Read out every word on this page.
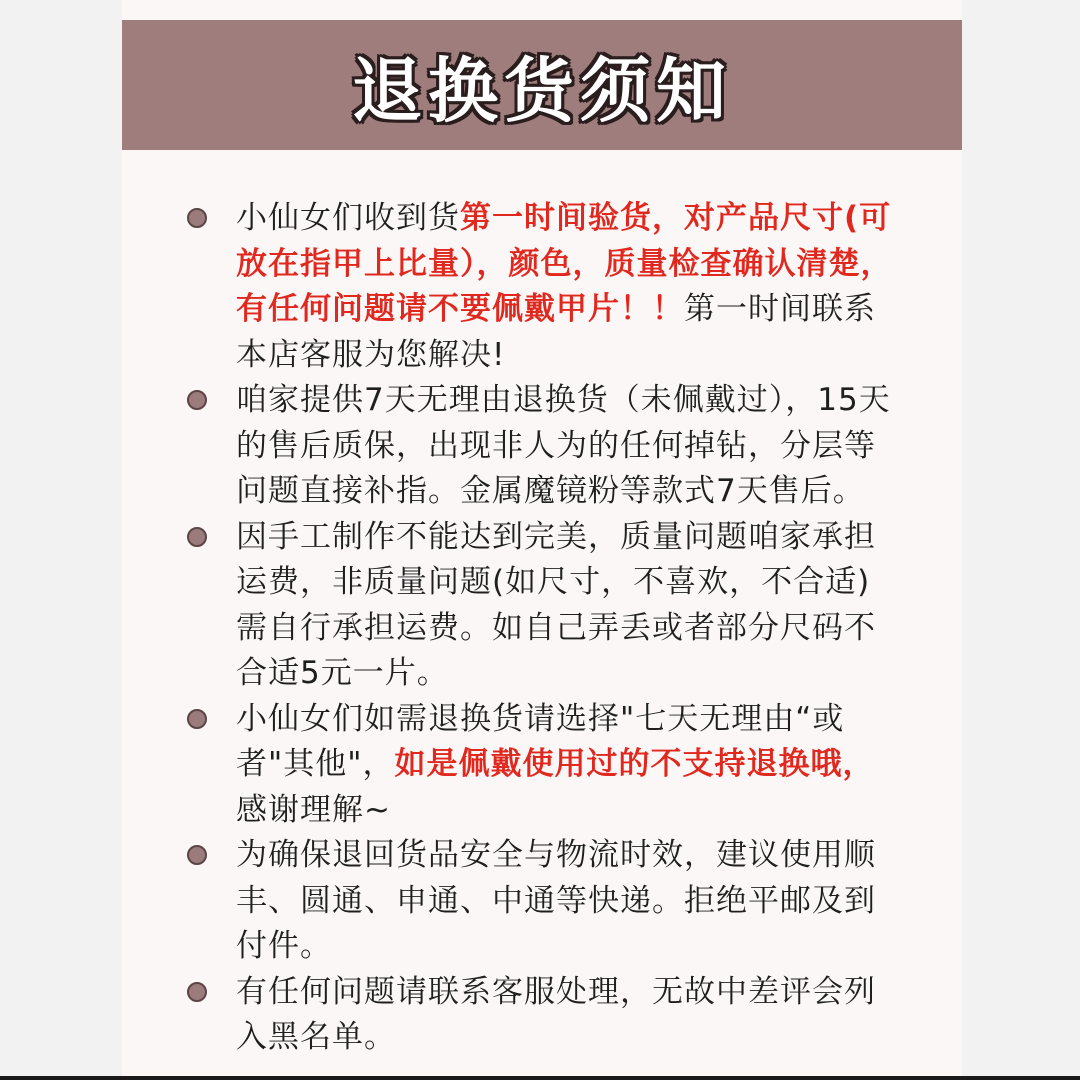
退换货须知
小仙女们收到货第一时间验货，对产品尺寸(可放在指甲上比量），颜色，质量检查确认清楚，有任何问题请不要佩戴甲片！！第一时间联系本店客服为您解决!
咱家提供7天无理由退换货（未佩戴过），15天的售后质保，出现非人为的任何掉钻，分层等问题直接补指。金属魔镜粉等款式7天售后。
因手工制作不能达到完美，质量问题咱家承担运费，非质量问题(如尺寸，不喜欢，不合适)需自行承担运费。如自己弄丢或者部分尺码不合适5元一片。
小仙女们如需退换货请选择"七天无理由“或者"其他"，如是佩戴使用过的不支持退换哦，感谢理解~
为确保退回货品安全与物流时效，建议使用顺丰、圆通、申通、中通等快递。拒绝平邮及到付件。
有任何问题请联系客服处理，无故中差评会列入黑名单。
